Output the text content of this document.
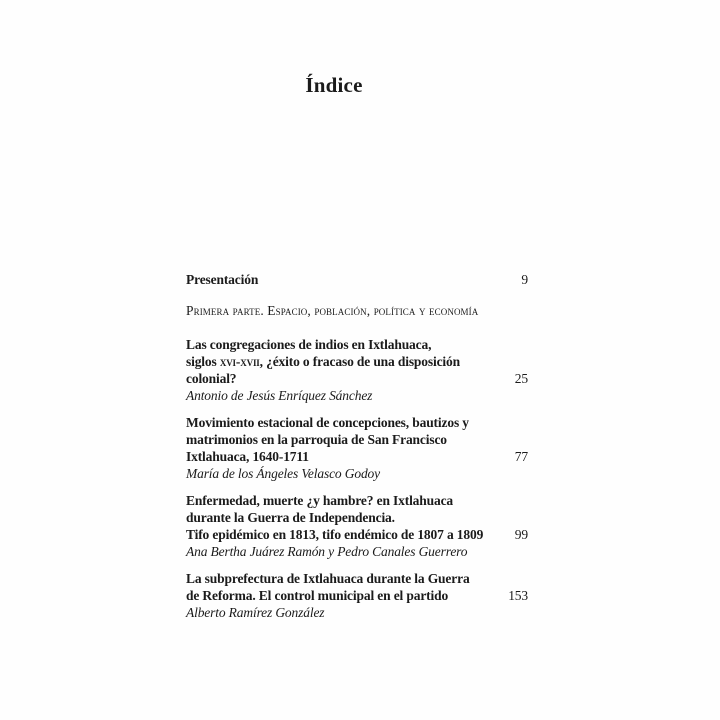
Índice
Presentación	9
Primera parte. Espacio, población, política y economía
Las congregaciones de indios en Ixtlahuaca,
siglos xvi-xvii, ¿éxito o fracaso de una disposición
colonial?	25
Antonio de Jesús Enríquez Sánchez
Movimiento estacional de concepciones, bautizos y
matrimonios en la parroquia de San Francisco
Ixtlahuaca, 1640-1711	77
María de los Ángeles Velasco Godoy
Enfermedad, muerte ¿y hambre? en Ixtlahuaca
durante la Guerra de Independencia.
Tifo epidémico en 1813, tifo endémico de 1807 a 1809	99
Ana Bertha Juárez Ramón y Pedro Canales Guerrero
La subprefectura de Ixtlahuaca durante la Guerra
de Reforma. El control municipal en el partido	153
Alberto Ramírez González
